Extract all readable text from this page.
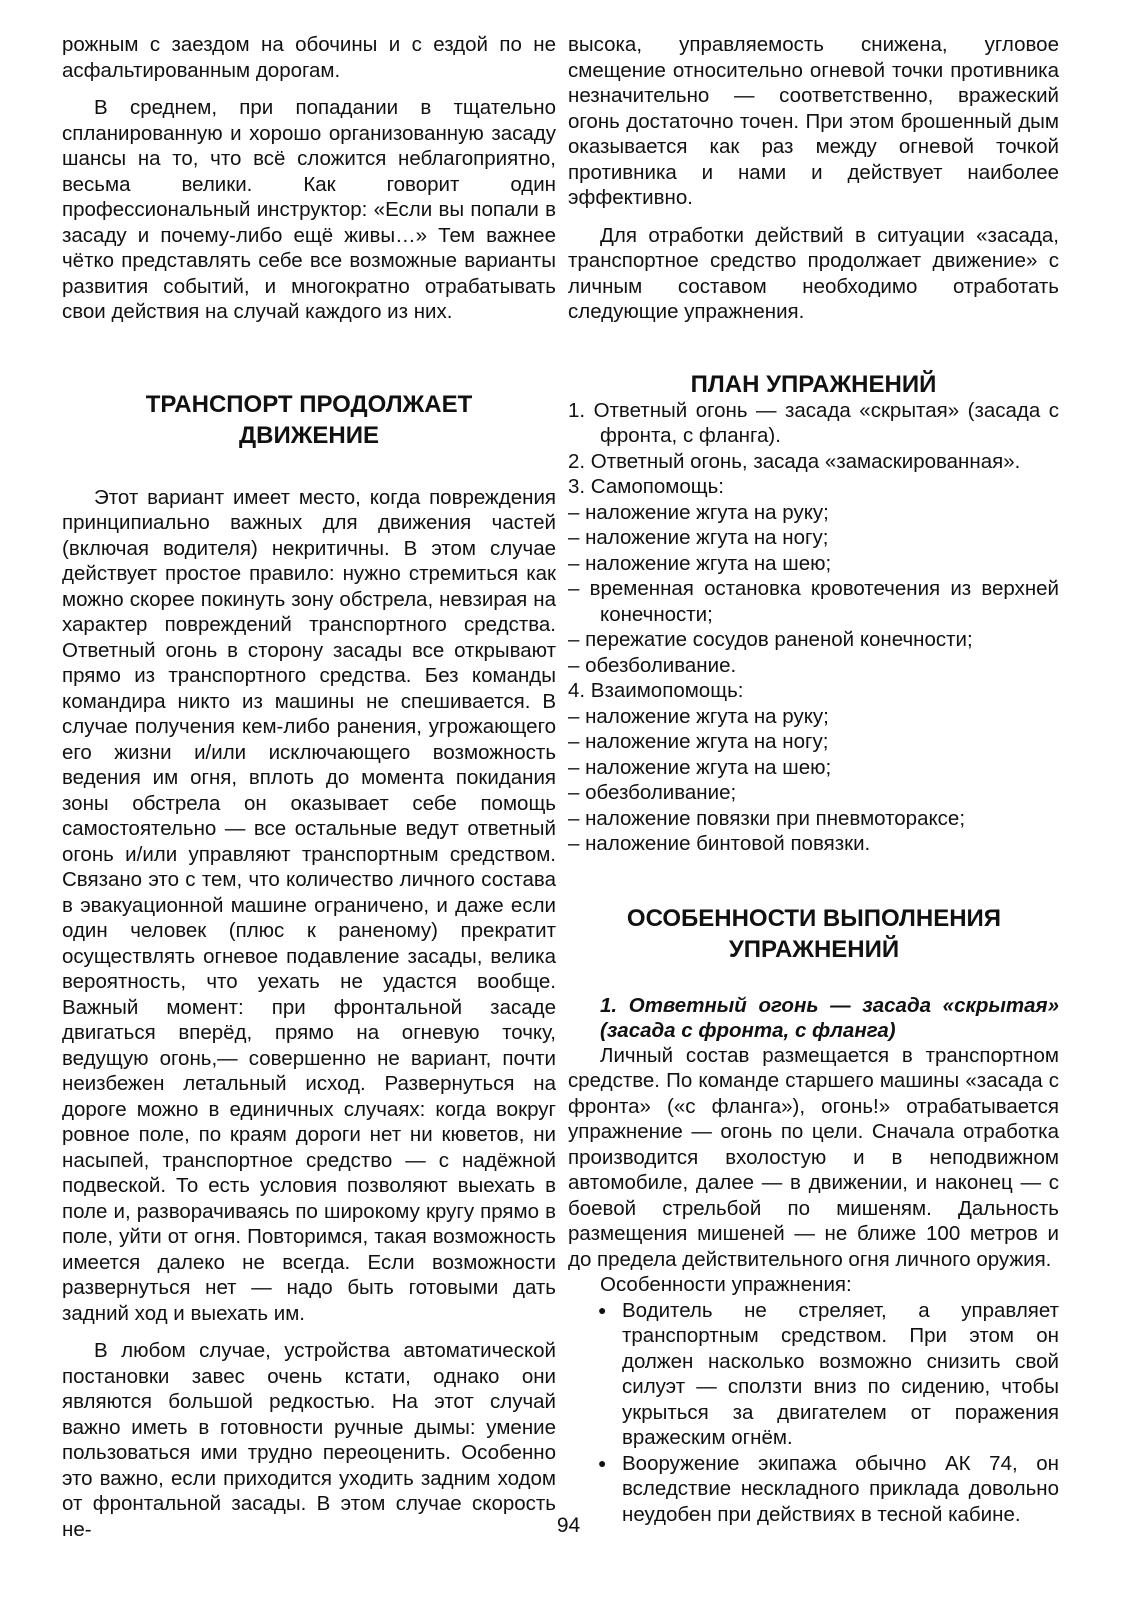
рожным с заездом на обочины и с ездой по не асфальтированным дорогам.

В среднем, при попадании в тщательно спланированную и хорошо организованную засаду шансы на то, что всё сложится неблагоприятно, весьма велики. Как говорит один профессиональный инструктор: «Если вы попали в засаду и почему-либо ещё живы…» Тем важнее чётко представлять себе все возможные варианты развития событий, и многократно отрабатывать свои действия на случай каждого из них.

ТРАНСПОРТ ПРОДОЛЖАЕТ ДВИЖЕНИЕ

Этот вариант имеет место, когда повреждения принципиально важных для движения частей (включая водителя) некритичны. В этом случае действует простое правило: нужно стремиться как можно скорее покинуть зону обстрела, невзирая на характер повреждений транспортного средства. Ответный огонь в сторону засады все открывают прямо из транспортного средства. Без команды командира никто из машины не спешивается. В случае получения кем-либо ранения, угрожающего его жизни и/или исключающего возможность ведения им огня, вплоть до момента покидания зоны обстрела он оказывает себе помощь самостоятельно — все остальные ведут ответный огонь и/или управляют транспортным средством. Связано это с тем, что количество личного состава в эвакуационной машине ограничено, и даже если один человек (плюс к раненому) прекратит осуществлять огневое подавление засады, велика вероятность, что уехать не удастся вообще. Важный момент: при фронтальной засаде двигаться вперёд, прямо на огневую точку, ведущую огонь,— совершенно не вариант, почти неизбежен летальный исход. Развернуться на дороге можно в единичных случаях: когда вокруг ровное поле, по краям дороги нет ни кюветов, ни насыпей, транспортное средство — с надёжной подвеской. То есть условия позволяют выехать в поле и, разворачиваясь по широкому кругу прямо в поле, уйти от огня. Повторимся, такая возможность имеется далеко не всегда. Если возможности развернуться нет — надо быть готовыми дать задний ход и выехать им.

В любом случае, устройства автоматической постановки завес очень кстати, однако они являются большой редкостью. На этот случай важно иметь в готовности ручные дымы: умение пользоваться ими трудно переоценить. Особенно это важно, если приходится уходить задним ходом от фронтальной засады. В этом случае скорость не-

высока, управляемость снижена, угловое смещение относительно огневой точки противника незначительно — соответственно, вражеский огонь достаточно точен. При этом брошенный дым оказывается как раз между огневой точкой противника и нами и действует наиболее эффективно.

Для отработки действий в ситуации «засада, транспортное средство продолжает движение» с личным составом необходимо отработать следующие упражнения.

ПЛАН УПРАЖНЕНИЙ

1. Ответный огонь — засада «скрытая» (засада с фронта, с фланга).

2. Ответный огонь, засада «замаскированная».

3. Самопомощь:

– наложение жгута на руку;

– наложение жгута на ногу;

– наложение жгута на шею;

– временная остановка кровотечения из верхней конечности;

– пережатие сосудов раненой конечности;

– обезболивание.

4. Взаимопомощь:

– наложение жгута на руку;

– наложение жгута на ногу;

– наложение жгута на шею;

– обезболивание;

– наложение повязки при пневмотораксе;

– наложение бинтовой повязки.

ОСОБЕННОСТИ ВЫПОЛНЕНИЯ УПРАЖНЕНИЙ

1. Ответный огонь — засада «скрытая» (засада с фронта, с фланга)

Личный состав размещается в транспортном средстве. По команде старшего машины «засада с фронта» («с фланга»), огонь!» отрабатывается упражнение — огонь по цели. Сначала отработка производится вхолостую и в неподвижном автомобиле, далее — в движении, и наконец — с боевой стрельбой по мишеням. Дальность размещения мишеней — не ближе 100 метров и до предела действительного огня личного оружия.

Особенности упражнения:

● Водитель не стреляет, а управляет транспортным средством. При этом он должен насколько возможно снизить свой силуэт — сползти вниз по сидению, чтобы укрыться за двигателем от поражения вражеским огнём.

● Вооружение экипажа обычно АК 74, он вследствие нескладного приклада довольно неудобен при действиях в тесной кабине.

94
